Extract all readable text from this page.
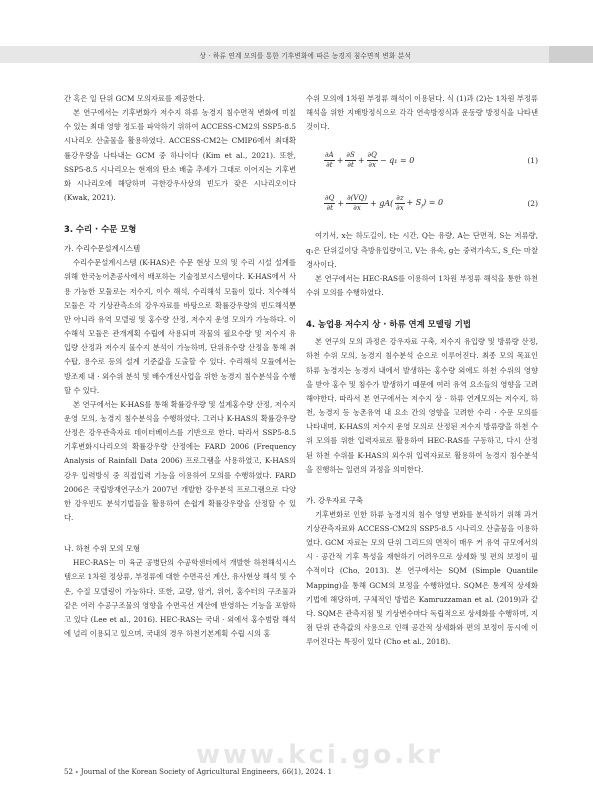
상 · 하류 연계 모의를 통한 기후변화에 따른 농경지 침수면적 변화 분석

간 혹은 일 단위 GCM 모의자료를 제공한다.

본 연구에서는 기후변화가 저수지 하류 농경지 침수면적 변화에 미칠 수 있는 최대 영향 정도를 파악하기 위하여 ACCESS-CM2의 SSP5-8.5 시나리오 산출물을 활용하였다. ACCESS-CM2는 CMIP6에서 최대확률강우량을 나타내는 GCM 중 하나이다 (Kim et al., 2021). 또한, SSP5-8.5 시나리오는 현재의 탄소 배출 추세가 그대로 이어지는 기후변화 시나리오에 해당하며 극한강우사상의 빈도가 잦은 시나리오이다 (Kwak, 2021).

3. 수리 · 수문 모형
가. 수리수문설계시스템

수리수문설계시스템 (K-HAS)은 수문 현상 모의 및 수리 시설 설계를 위해 한국농어촌공사에서 배포하는 기술정보시스템이다. K-HAS에서 사용 가능한 모듈로는 저수지, 이수 해석, 수리해석 모듈이 있다. 치수해석 모듈은 각 기상관측소의 강우자료를 바탕으로 확률강우량의 빈도해석뿐만 아니라 유역 모델링 및 홍수량 산정, 저수지 운영 모의가 가능하다. 이수해석 모듈은 관개계획 수립에 사용되며 작물의 필요수량 및 저수지 유입량 산정과 저수지 물수지 분석이 가능하며, 단위유수량 산정을 통해 취수탑, 용수로 등의 설계 기준값을 도출할 수 있다. 수리해석 모듈에서는 방조제 내 · 외수위 분석 및 배수개선사업을 위한 농경지 침수분석을 수행할 수 있다.

본 연구에서는 K-HAS를 통해 확률강우량 및 설계홍수량 산정, 저수지 운영 모의, 농경지 침수분석을 수행하였다. 그러나 K-HAS의 확률강우량 산정은 강우관측자료 데이터베이스를 기반으로 한다. 따라서 SSP5-8.5 기후변화시나리오의 확률강우량 산정에는 FARD 2006 (Frequency Analysis of Rainfall Data 2006) 프로그램을 사용하였고, K-HAS의 강우 입력방식 중 직접입력 기능을 이용하여 모의를 수행하였다. FARD 2006은 국립방재연구소가 2007년 개발한 강우분석 프로그램으로 다양한 강우빈도 분석기법들을 활용하여 손쉽게 확률강우량을 산정할 수 있다.

나. 하천 수위 모의 모형

HEC-RAS는 미 육군 공병단의 수공학센터에서 개발한 하천해석시스템으로 1차원 정상류, 부정류에 대한 수면곡선 계산, 유사현상 해석 및 수온, 수질 모델링이 가능하다. 또한, 교량, 암거, 위어, 홍수터의 구조물과 같은 여러 수공구조물의 영향을 수면곡선 계산에 반영하는 기능을 포함하고 있다 (Lee et al., 2016). HEC-RAS는 국내 · 외에서 홍수범람 해석에 널리 이용되고 있으며, 국내의 경우 하천기본계획 수립 시의 홍

수위 모의에 1차원 부정류 해석이 이용된다. 식 (1)과 (2)는 1차원 부정류 해석을 위한 지배방정식으로 각각 연속방정식과 운동량 방정식을 나타낸 것이다.

$\frac{\partial A}{\partial t} + \frac{\partial S}{\partial t} + \frac{\partial Q}{\partial x} - q_1 = 0$	(1)
$\frac{\partial Q}{\partial t} + \frac{\partial(VQ)}{\partial x} + gA( \frac{\partial z}{\partial x} + S_f) = 0$	(2)

여기서, x는 하도길이, t는 시간, Q는 유량, A는 단면적, S는 저류량, q₁은 단위길이당 측방유입량이고, V는 유속, g는 중력가속도, S_f는 마찰경사이다.

본 연구에서는 HEC-RAS를 이용하여 1차원 부정류 해석을 통한 하천 수위 모의를 수행하였다.

4. 농업용 저수지 상 · 하류 연계 모델링 기법

본 연구의 모의 과정은 강우자료 구축, 저수지 유입량 및 방류량 산정, 하천 수위 모의, 농경지 침수분석 순으로 이루어진다. 최종 모의 목표인 하류 농경지는 농경지 내에서 발생하는 홍수량 외에도 하천 수위의 영향을 받아 홍수 및 침수가 발생하기 때문에 여러 유역 요소들의 영향을 고려해야한다. 따라서 본 연구에서는 저수지 상 · 하류 연계모의는 저수지, 하천, 농경지 등 농촌유역 내 요소 간의 영향을 고려한 수리 · 수문 모의를 나타내며, K-HAS의 저수지 운영 모의로 산정된 저수지 방류량을 하천 수위 모의를 위한 입력자료로 활용하여 HEC-RAS를 구동하고, 다시 산정된 하천 수위를 K-HAS의 외수위 입력자료로 활용하여 농경지 침수분석을 진행하는 일련의 과정을 의미한다.

가. 강우자료 구축

기후변화로 인한 하류 농경지의 침수 영향 변화를 분석하기 위해 과거 기상관측자료와 ACCESS-CM2의 SSP5-8.5 시나리오 산출물을 이용하였다. GCM 자료는 모의 단위 그리드의 면적이 매우 커 유역 규모에서의 시 · 공간적 기후 특성을 재현하기 어려우므로 상세화 및 편의 보정이 필수적이다 (Cho, 2013). 본 연구에서는 SQM (Simple Quantile Mapping)을 통해 GCM의 보정을 수행하였다. SQM은 통계적 상세화 기법에 해당하며, 구체적인 방법은 Kamruzzaman et al. (2019)과 같다. SQM은 관측지점 및 기상변수마다 독립적으로 상세화를 수행하며, 지점 단위 관측값의 사용으로 인해 공간적 상세화와 편의 보정이 동시에 이루어진다는 특징이 있다 (Cho et al., 2018).

www.kci.go.kr
52 ∘ Journal of the Korean Society of Agricultural Engineers, 66(1), 2024. 1
